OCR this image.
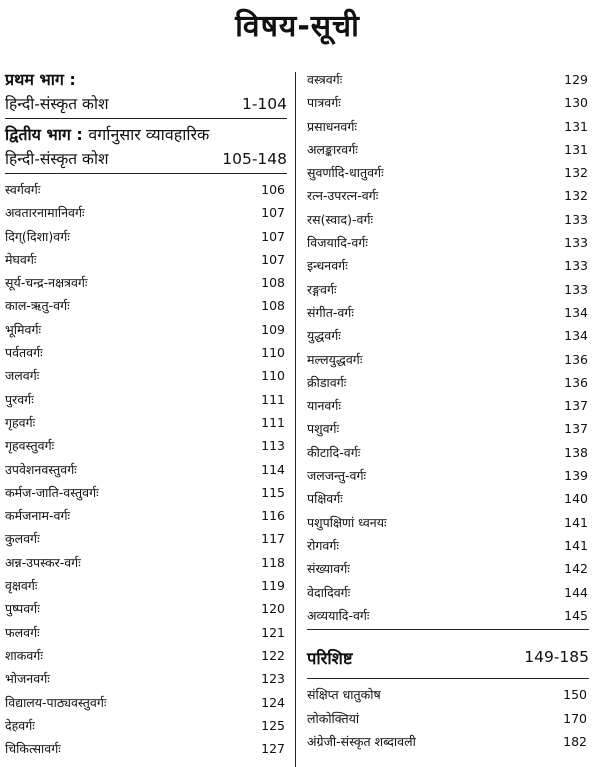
विषय-सूची
प्रथम भाग :
हिन्दी-संस्कृत कोश	1-104
द्वितीय भाग : वर्गानुसार व्यावहारिक
हिन्दी-संस्कृत कोश	105-148
स्वर्गवर्गः	106
अवतारनामानिवर्गः	107
दिग्(दिशा)वर्गः	107
मेघवर्गः	107
सूर्य-चन्द्र-नक्षत्रवर्गः	108
काल-ऋतु-वर्गः	108
भूमिवर्गः	109
पर्वतवर्गः	110
जलवर्गः	110
पुरवर्गः	111
गृहवर्गः	111
गृहवस्तुवर्गः	113
उपवेशनवस्तुवर्गः	114
कर्मज-जाति-वस्तुवर्गः	115
कर्मजनाम-वर्गः	116
कुलवर्गः	117
अन्न-उपस्कर-वर्गः	118
वृक्षवर्गः	119
पुष्पवर्गः	120
फलवर्गः	121
शाकवर्गः	122
भोजनवर्गः	123
विद्यालय-पाठ्यवस्तुवर्गः	124
देहवर्गः	125
चिकित्सावर्गः	127
वस्त्रवर्गः	129
पात्रवर्गः	130
प्रसाधनवर्गः	131
अलङ्कारवर्गः	131
सुवर्णादि-धातुवर्गः	132
रत्न-उपरत्न-वर्गः	132
रस(स्वाद)-वर्गः	133
विजयादि-वर्गः	133
इन्धनवर्गः	133
रङ्गवर्गः	133
संगीत-वर्गः	134
युद्धवर्गः	134
मल्लयुद्धवर्गः	136
क्रीडावर्गः	136
यानवर्गः	137
पशुवर्गः	137
कीटादि-वर्गः	138
जलजन्तु-वर्गः	139
पक्षिवर्गः	140
पशुपक्षिणां ध्वनयः	141
रोगवर्गः	141
संख्यावर्गः	142
वेदादिवर्गः	144
अव्ययादि-वर्गः	145
परिशिष्ट	149-185
संक्षिप्त धातुकोष	150
लोकोक्तियां	170
अंग्रेजी-संस्कृत शब्दावली	182
